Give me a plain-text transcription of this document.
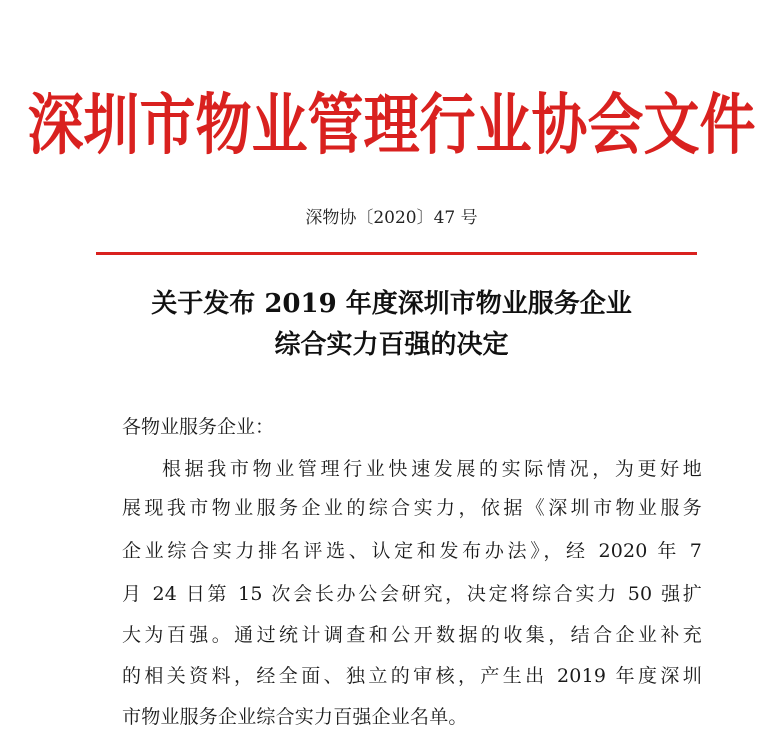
深圳市物业管理行业协会文件
深物协〔2020〕47 号
关于发布 2019 年度深圳市物业服务企业
综合实力百强的决定
各物业服务企业：
根据我市物业管理行业快速发展的实际情况，为更好地
展现我市物业服务企业的综合实力，依据《深圳市物业服务
企业综合实力排名评选、认定和发布办法》，经 2020 年 7
月 24 日第 15 次会长办公会研究，决定将综合实力 50 强扩
大为百强。通过统计调查和公开数据的收集，结合企业补充
的相关资料，经全面、独立的审核，产生出 2019 年度深圳
市物业服务企业综合实力百强企业名单。
